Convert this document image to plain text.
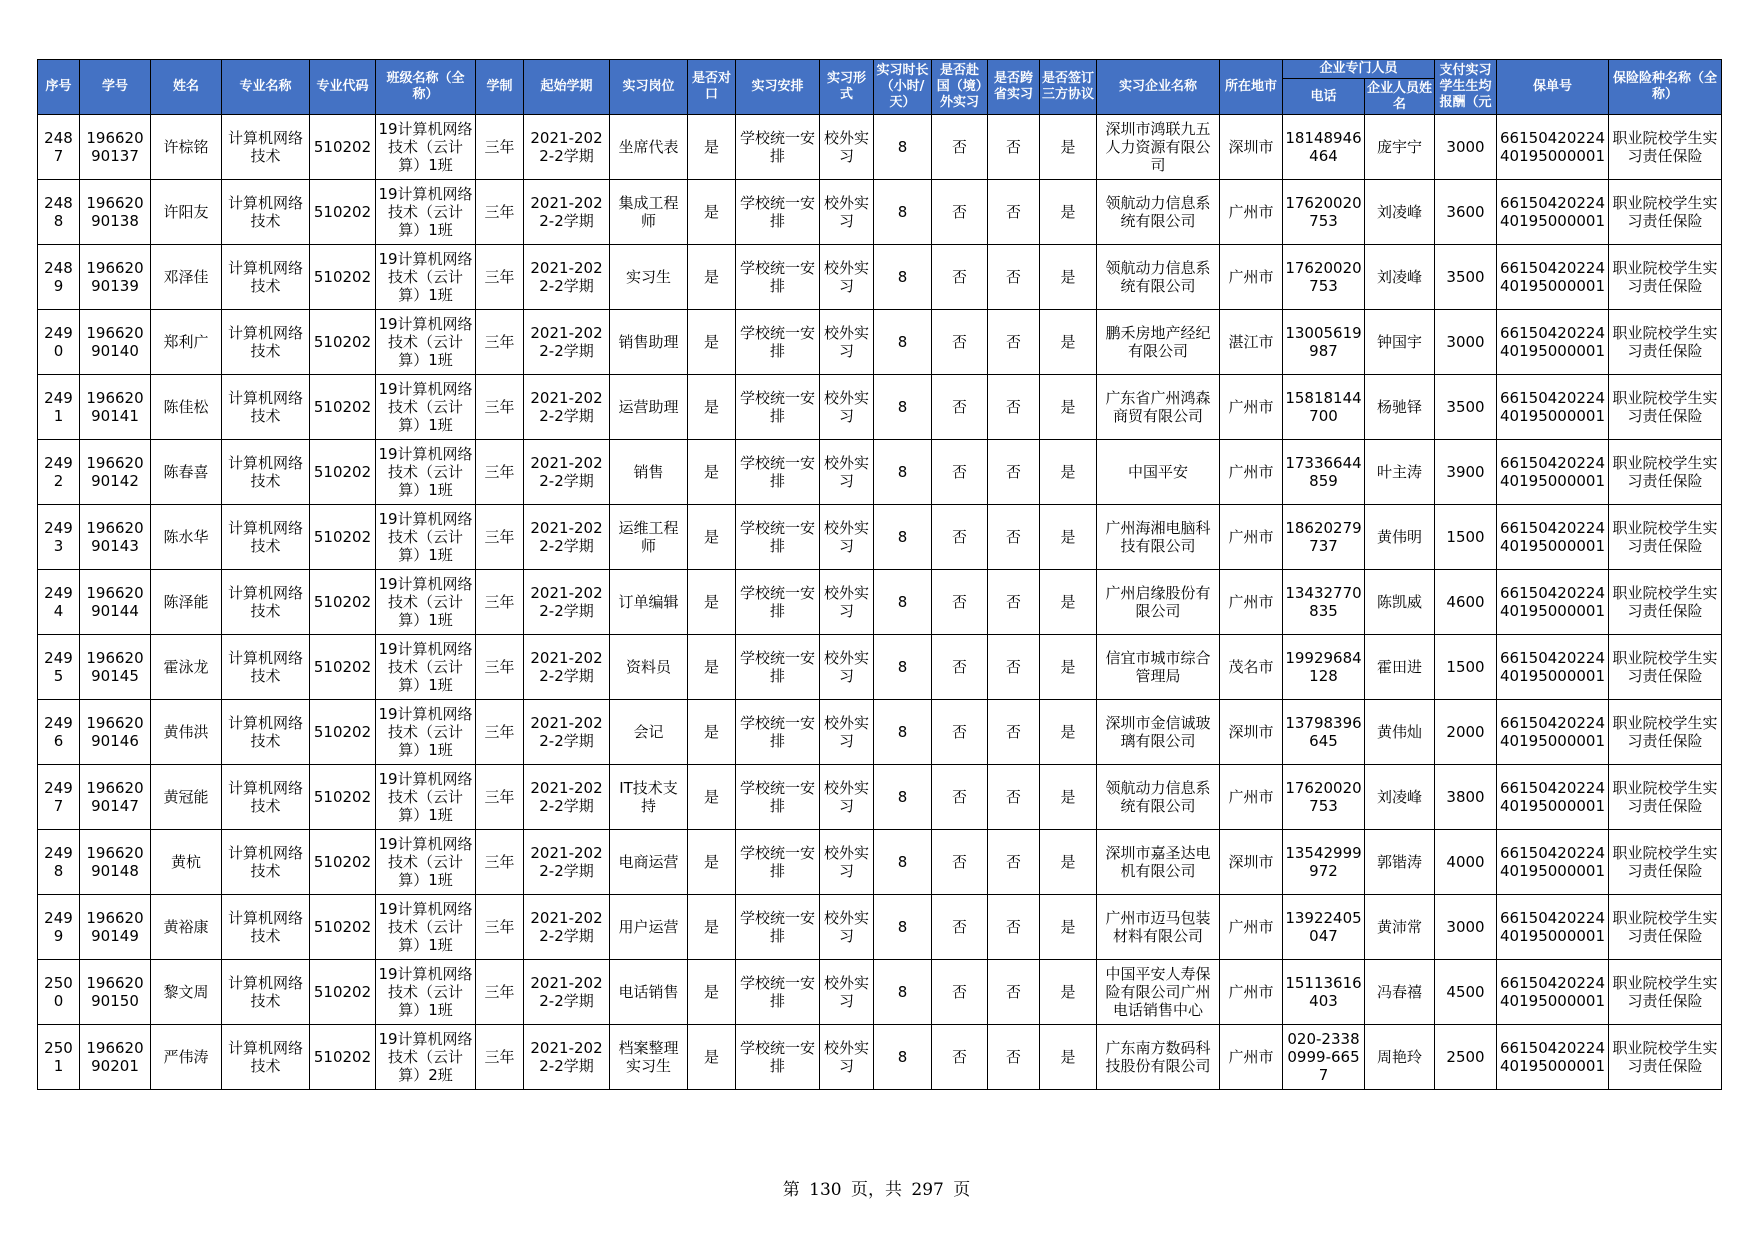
序号	学号	姓名	专业名称	专业代码	班级名称（全称）	学制	起始学期	实习岗位	是否对口	实习安排	实习形式	实习时长（小时/天）	是否赴国（境）外实习	是否跨省实习	是否签订三方协议	实习企业名称	所在地市	企业专门人员		支付实习学生生均报酬（元	保单号	保险险种名称（全称）
																		电话	企业人员姓名			

2487	19662090137	许棕铭	计算机网络技术	510202	19计算机网络技术（云计算）1班	三年	2021-2022-2学期	坐席代表	是	学校统一安排	校外实习	8	否	否	是	深圳市鸿联九五人力资源有限公司	深圳市	18148946464	庞宇宁	3000	6615042022440195000001	职业院校学生实习责任保险

2488	19662090138	许阳友	计算机网络技术	510202	19计算机网络技术（云计算）1班	三年	2021-2022-2学期	集成工程师	是	学校统一安排	校外实习	8	否	否	是	领航动力信息系统有限公司	广州市	17620020753	刘凌峰	3600	6615042022440195000001	职业院校学生实习责任保险

2489	19662090139	邓泽佳	计算机网络技术	510202	19计算机网络技术（云计算）1班	三年	2021-2022-2学期	实习生	是	学校统一安排	校外实习	8	否	否	是	领航动力信息系统有限公司	广州市	17620020753	刘凌峰	3500	6615042022440195000001	职业院校学生实习责任保险

2490	19662090140	郑利广	计算机网络技术	510202	19计算机网络技术（云计算）1班	三年	2021-2022-2学期	销售助理	是	学校统一安排	校外实习	8	否	否	是	鹏禾房地产经纪有限公司	湛江市	13005619987	钟国宇	3000	6615042022440195000001	职业院校学生实习责任保险

2491	19662090141	陈佳松	计算机网络技术	510202	19计算机网络技术（云计算）1班	三年	2021-2022-2学期	运营助理	是	学校统一安排	校外实习	8	否	否	是	广东省广州鸿森商贸有限公司	广州市	15818144700	杨驰铎	3500	6615042022440195000001	职业院校学生实习责任保险

2492	19662090142	陈春喜	计算机网络技术	510202	19计算机网络技术（云计算）1班	三年	2021-2022-2学期	销售	是	学校统一安排	校外实习	8	否	否	是	中国平安	广州市	17336644859	叶主涛	3900	6615042022440195000001	职业院校学生实习责任保险

2493	19662090143	陈水华	计算机网络技术	510202	19计算机网络技术（云计算）1班	三年	2021-2022-2学期	运维工程师	是	学校统一安排	校外实习	8	否	否	是	广州海湘电脑科技有限公司	广州市	18620279737	黄伟明	1500	6615042022440195000001	职业院校学生实习责任保险

2494	19662090144	陈泽能	计算机网络技术	510202	19计算机网络技术（云计算）1班	三年	2021-2022-2学期	订单编辑	是	学校统一安排	校外实习	8	否	否	是	广州启缘股份有限公司	广州市	13432770835	陈凯威	4600	6615042022440195000001	职业院校学生实习责任保险

2495	19662090145	霍泳龙	计算机网络技术	510202	19计算机网络技术（云计算）1班	三年	2021-2022-2学期	资料员	是	学校统一安排	校外实习	8	否	否	是	信宜市城市综合管理局	茂名市	19929684128	霍田进	1500	6615042022440195000001	职业院校学生实习责任保险

2496	19662090146	黄伟洪	计算机网络技术	510202	19计算机网络技术（云计算）1班	三年	2021-2022-2学期	会记	是	学校统一安排	校外实习	8	否	否	是	深圳市金信诚玻璃有限公司	深圳市	13798396645	黄伟灿	2000	6615042022440195000001	职业院校学生实习责任保险

2497	19662090147	黄冠能	计算机网络技术	510202	19计算机网络技术（云计算）1班	三年	2021-2022-2学期	IT技术支持	是	学校统一安排	校外实习	8	否	否	是	领航动力信息系统有限公司	广州市	17620020753	刘凌峰	3800	6615042022440195000001	职业院校学生实习责任保险

2498	19662090148	黄杭	计算机网络技术	510202	19计算机网络技术（云计算）1班	三年	2021-2022-2学期	电商运营	是	学校统一安排	校外实习	8	否	否	是	深圳市嘉圣达电机有限公司	深圳市	13542999972	郭锴涛	4000	6615042022440195000001	职业院校学生实习责任保险

2499	19662090149	黄裕康	计算机网络技术	510202	19计算机网络技术（云计算）1班	三年	2021-2022-2学期	用户运营	是	学校统一安排	校外实习	8	否	否	是	广州市迈马包装材料有限公司	广州市	13922405047	黄沛常	3000	6615042022440195000001	职业院校学生实习责任保险

2500	19662090150	黎文周	计算机网络技术	510202	19计算机网络技术（云计算）1班	三年	2021-2022-2学期	电话销售	是	学校统一安排	校外实习	8	否	否	是	中国平安人寿保险有限公司广州电话销售中心	广州市	15113616403	冯春禧	4500	6615042022440195000001	职业院校学生实习责任保险

2501	19662090201	严伟涛	计算机网络技术	510202	19计算机网络技术（云计算）2班	三年	2021-2022-2学期	档案整理实习生	是	学校统一安排	校外实习	8	否	否	是	广东南方数码科技股份有限公司	广州市	020-23380999-6657	周艳玲	2500	6615042022440195000001	职业院校学生实习责任保险
第 130 页，共 297 页
